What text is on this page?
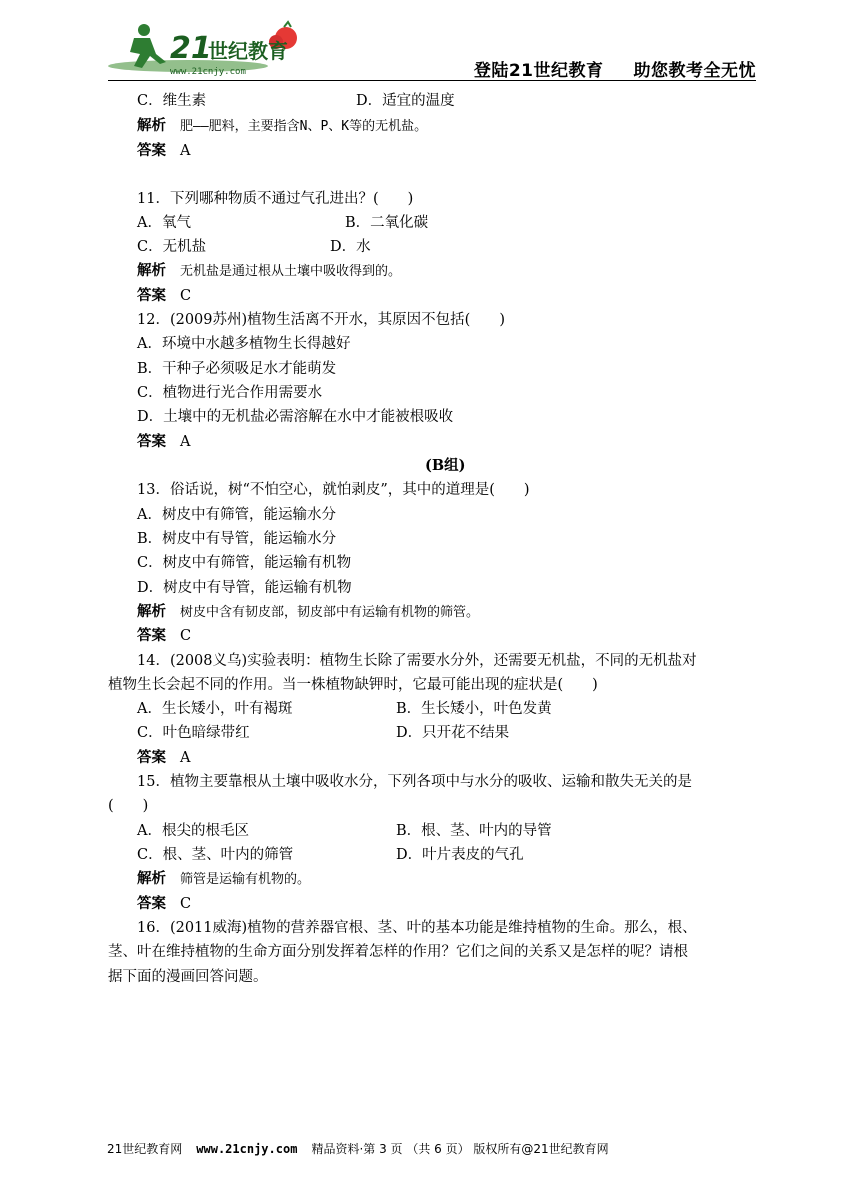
21
世纪教育
www.21cnjy.com	登陆21世纪教育 助您教考全无忧
C．维生素	D．适宜的温度
解析 肥——肥料，主要指含N、P、K等的无机盐。
答案 A
11．下列哪种物质不通过气孔进出？(　　)
A．氧气	B．二氧化碳
C．无机盐	D．水
解析 无机盐是通过根从土壤中吸收得到的。
答案 C
12．(2009苏州)植物生活离不开水，其原因不包括(　　)
A．环境中水越多植物生长得越好
B．干种子必须吸足水才能萌发
C．植物进行光合作用需要水
D．土壤中的无机盐必需溶解在水中才能被根吸收
答案 A
(B组)
13．俗话说，树“不怕空心，就怕剥皮”，其中的道理是(　　)
A．树皮中有筛管，能运输水分
B．树皮中有导管，能运输水分
C．树皮中有筛管，能运输有机物
D．树皮中有导管，能运输有机物
解析 树皮中含有韧皮部，韧皮部中有运输有机物的筛管。
答案 C
14．(2008义乌)实验表明：植物生长除了需要水分外，还需要无机盐，不同的无机盐对
植物生长会起不同的作用。当一株植物缺钾时，它最可能出现的症状是(　　)
A．生长矮小，叶有褐斑	B．生长矮小，叶色发黄
C．叶色暗绿带红	D．只开花不结果
答案 A
15．植物主要靠根从土壤中吸收水分，下列各项中与水分的吸收、运输和散失无关的是
(　　)
A．根尖的根毛区	B．根、茎、叶内的导管
C．根、茎、叶内的筛管	D．叶片表皮的气孔
解析 筛管是运输有机物的。
答案 C
16．(2011威海)植物的营养器官根、茎、叶的基本功能是维持植物的生命。那么，根、
茎、叶在维持植物的生命方面分别发挥着怎样的作用？它们之间的关系又是怎样的呢？请根
据下面的漫画回答问题。
21世纪教育网 www.21cnjy.com 精品资料·第 3 页 （共 6 页） 版权所有@21世纪教育网
